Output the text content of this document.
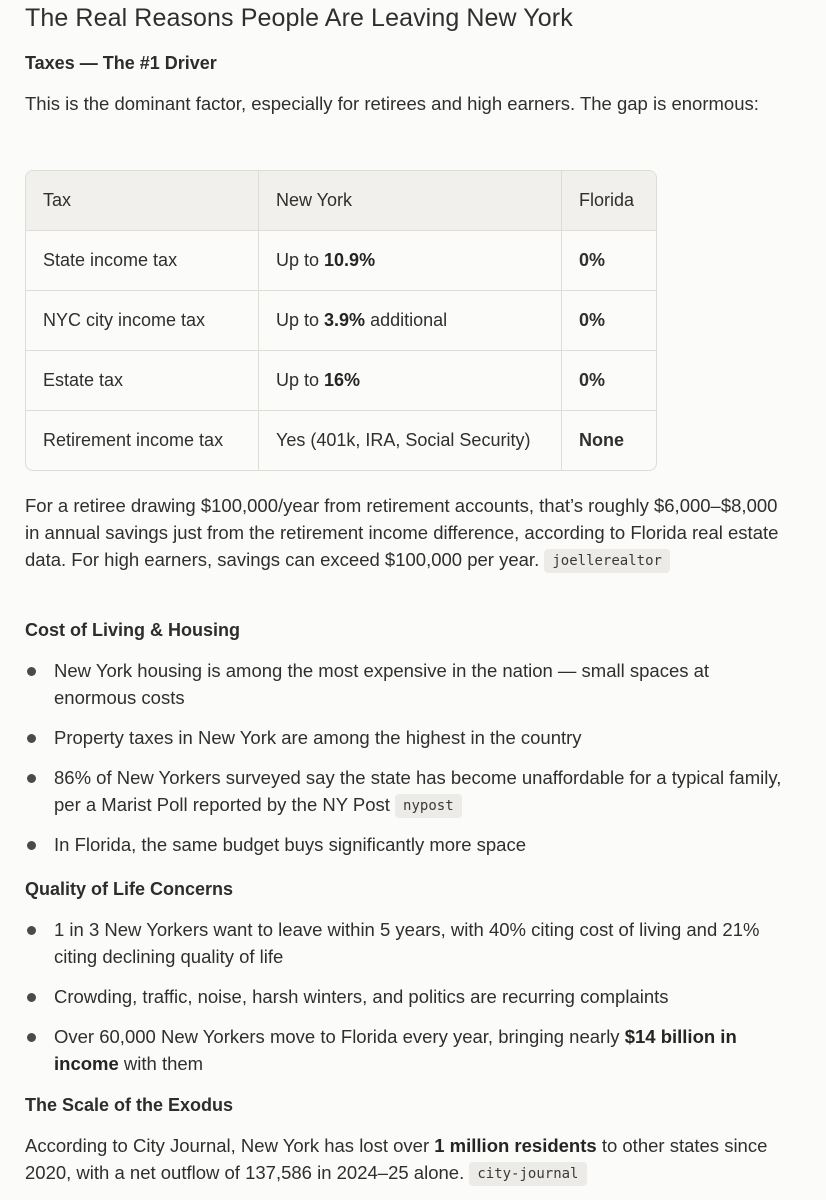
The Real Reasons People Are Leaving New York
Taxes — The #1 Driver

This is the dominant factor, especially for retirees and high earners. The gap is enormous:

Tax	New York	Florida
State income tax	Up to 10.9%	0%
NYC city income tax	Up to 3.9% additional	0%
Estate tax	Up to 16%	0%
Retirement income tax	Yes (401k, IRA, Social Security)	None

For a retiree drawing $100,000/year from retirement accounts, that’s roughly $6,000–$8,000 in annual savings just from the retirement income difference, according to Florida real estate data. For high earners, savings can exceed $100,000 per year. joellerealtor

Cost of Living & Housing
New York housing is among the most expensive in the nation — small spaces at enormous costs
Property taxes in New York are among the highest in the country
86% of New Yorkers surveyed say the state has become unaffordable for a typical family, per a Marist Poll reported by the NY Post nypost
In Florida, the same budget buys significantly more space
Quality of Life Concerns
1 in 3 New Yorkers want to leave within 5 years, with 40% citing cost of living and 21% citing declining quality of life
Crowding, traffic, noise, harsh winters, and politics are recurring complaints
Over 60,000 New Yorkers move to Florida every year, bringing nearly $14 billion in income with them
The Scale of the Exodus

According to City Journal, New York has lost over 1 million residents to other states since 2020, with a net outflow of 137,586 in 2024–25 alone. city-journal
